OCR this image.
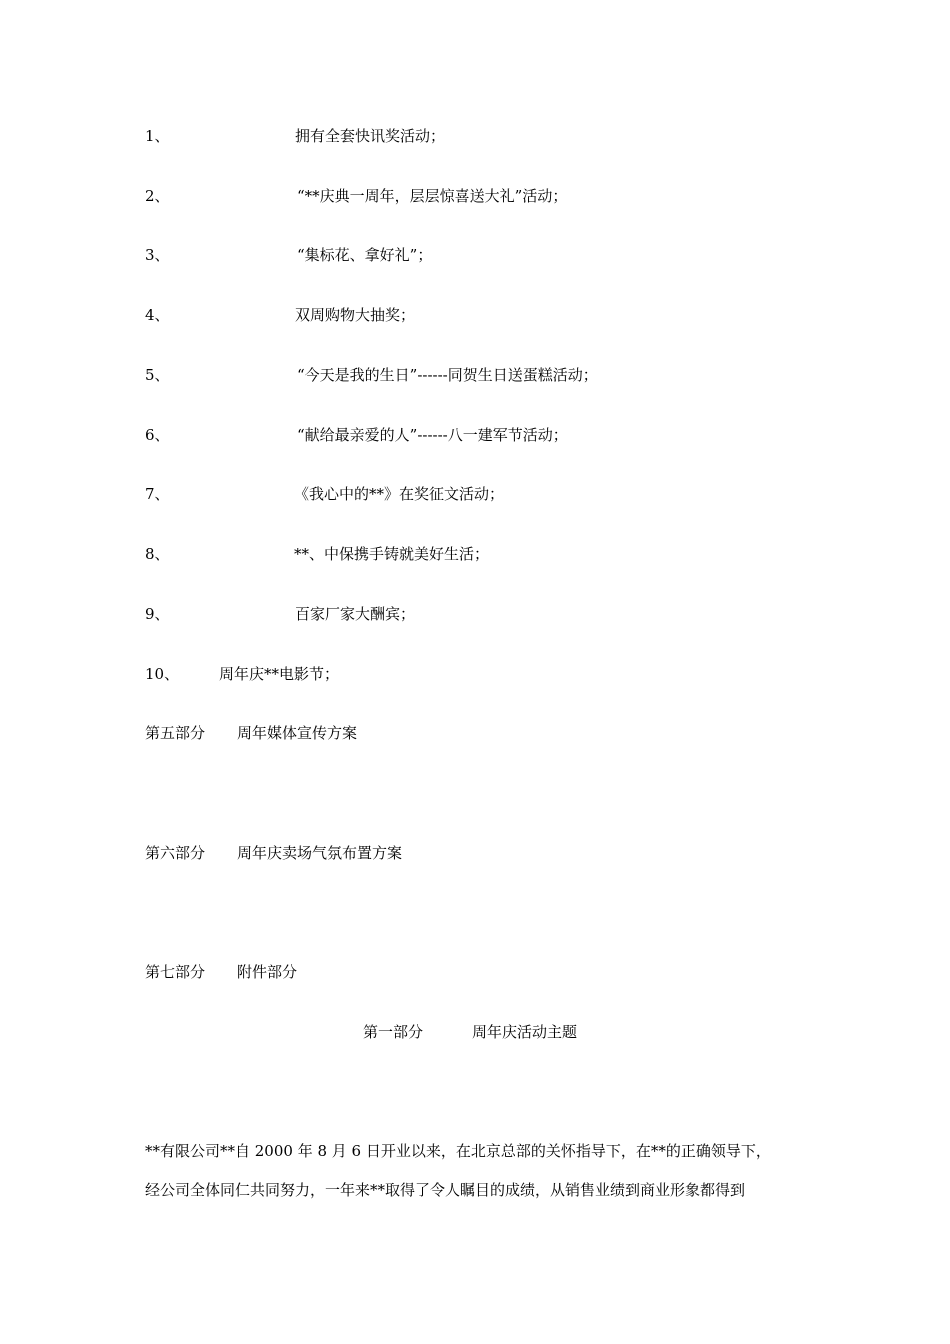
1、	拥有全套快讯奖活动；
2、	“**庆典一周年，层层惊喜送大礼”活动；
3、	“集标花、拿好礼”；
4、	双周购物大抽奖；
5、	“今天是我的生日”------同贺生日送蛋糕活动；
6、	“献给最亲爱的人”------八一建军节活动；
7、	《我心中的**》在奖征文活动；
8、	**、中保携手铸就美好生活；
9、	百家厂家大酬宾；
10、	周年庆**电影节；
第五部分 周年媒体宣传方案
第六部分 周年庆卖场气氛布置方案
第七部分 附件部分
第一部分	周年庆活动主题
**有限公司**自 2000 年 8 月 6 日开业以来，在北京总部的关怀指导下，在**的正确领导下，
经公司全体同仁共同努力，一年来**取得了令人瞩目的成绩，从销售业绩到商业形象都得到
